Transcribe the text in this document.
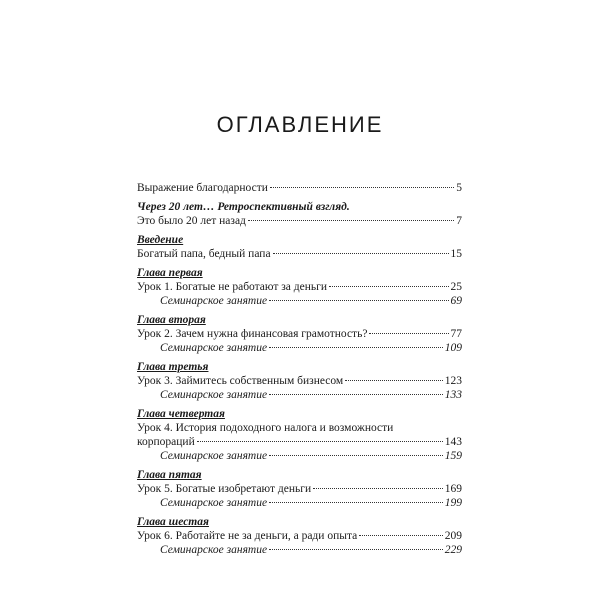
ОГЛАВЛЕНИЕ
Выражение благодарности	5
Через 20 лет… Ретроспективный взгляд.
Это было 20 лет назад	7
Введение
Богатый папа, бедный папа	15
Глава первая
Урок 1. Богатые не работают за деньги	25
Семинарское занятие	69
Глава вторая
Урок 2. Зачем нужна финансовая грамотность?	77
Семинарское занятие	109
Глава третья
Урок 3. Займитесь собственным бизнесом	123
Семинарское занятие	133
Глава четвертая
Урок 4. История подоходного налога и возможности
корпораций	143
Семинарское занятие	159
Глава пятая
Урок 5. Богатые изобретают деньги	169
Семинарское занятие	199
Глава шестая
Урок 6. Работайте не за деньги, а ради опыта	209
Семинарское занятие	229
